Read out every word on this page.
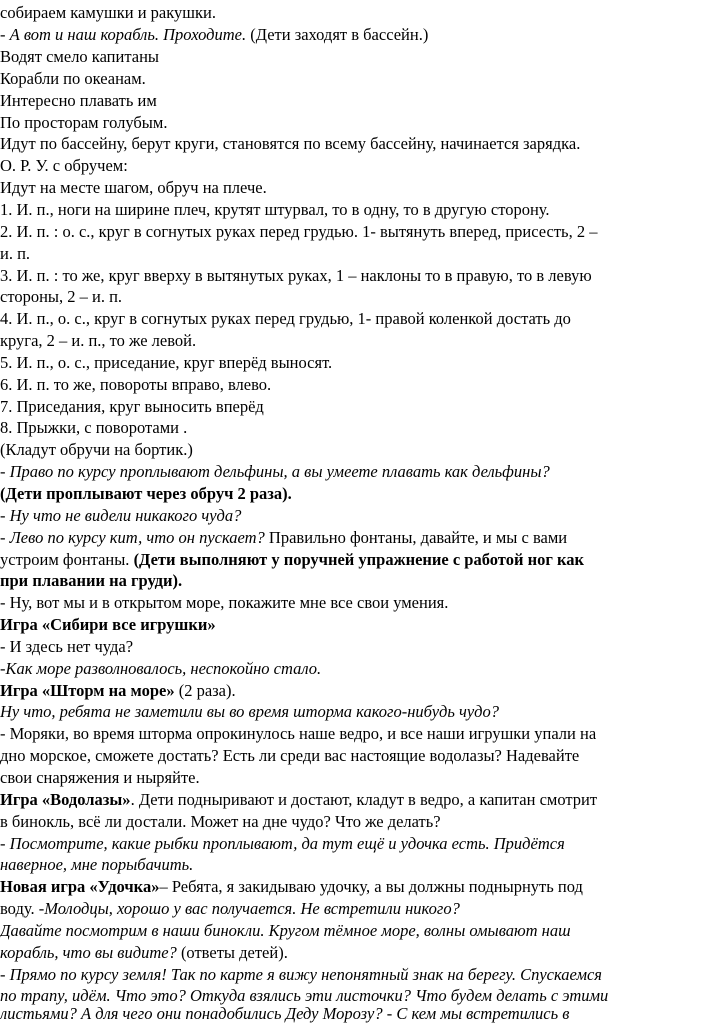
собираем камушки и ракушки.
- А вот и наш корабль. Проходите. (Дети заходят в бассейн.)
Водят смело капитаны
Корабли по океанам.
Интересно плавать им
По просторам голубым.
Идут по бассейну, берут круги, становятся по всему бассейну, начинается зарядка.
О. Р. У. с обручем:
Идут на месте шагом, обруч на плече.
1. И. п., ноги на ширине плеч, крутят штурвал, то в одну, то в другую сторону.
2. И. п. : о. с., круг в согнутых руках перед грудью. 1- вытянуть вперед, присесть, 2 –
и. п.
3. И. п. : то же, круг вверху в вытянутых руках, 1 – наклоны то в правую, то в левую
стороны, 2 – и. п.
4. И. п., о. с., круг в согнутых руках перед грудью, 1- правой коленкой достать до
круга, 2 – и. п., то же левой.
5. И. п., о. с., приседание, круг вперёд выносят.
6. И. п. то же, повороты вправо, влево.
7. Приседания, круг выносить вперёд
8. Прыжки, с поворотами .
(Кладут обручи на бортик.)
- Право по курсу проплывают дельфины, а вы умеете плавать как дельфины?
(Дети проплывают через обруч 2 раза).
- Ну что не видели никакого чуда?
- Лево по курсу кит, что он пускает? Правильно фонтаны, давайте, и мы с вами
устроим фонтаны. (Дети выполняют у поручней упражнение с работой ног как
при плавании на груди).
- Ну, вот мы и в открытом море, покажите мне все свои умения.
Игра «Сибири все игрушки»
- И здесь нет чуда?
-Как море разволновалось, неспокойно стало.
Игра «Шторм на море» (2 раза).
Ну что, ребята не заметили вы во время шторма какого-нибудь чудо?
- Моряки, во время шторма опрокинулось наше ведро, и все наши игрушки упали на
дно морское, сможете достать? Есть ли среди вас настоящие водолазы? Надевайте
свои снаряжения и ныряйте.
Игра «Водолазы». Дети подныривают и достают, кладут в ведро, а капитан смотрит
в бинокль, всё ли достали. Может на дне чудо? Что же делать?
- Посмотрите, какие рыбки проплывают, да тут ещё и удочка есть. Придётся
наверное, мне порыбачить.
Новая игра «Удочка»– Ребята, я закидываю удочку, а вы должны поднырнуть под
воду. -Молодцы, хорошо у вас получается. Не встретили никого?
Давайте посмотрим в наши бинокли. Кругом тёмное море, волны омывают наш
корабль, что вы видите? (ответы детей).
- Прямо по курсу земля! Так по карте я вижу непонятный знак на берегу. Спускаемся
по трапу, идём. Что это? Откуда взялись эти листочки? Что будем делать с этими
листьями? А для чего они понадобились Деду Морозу? - С кем мы встретились в
